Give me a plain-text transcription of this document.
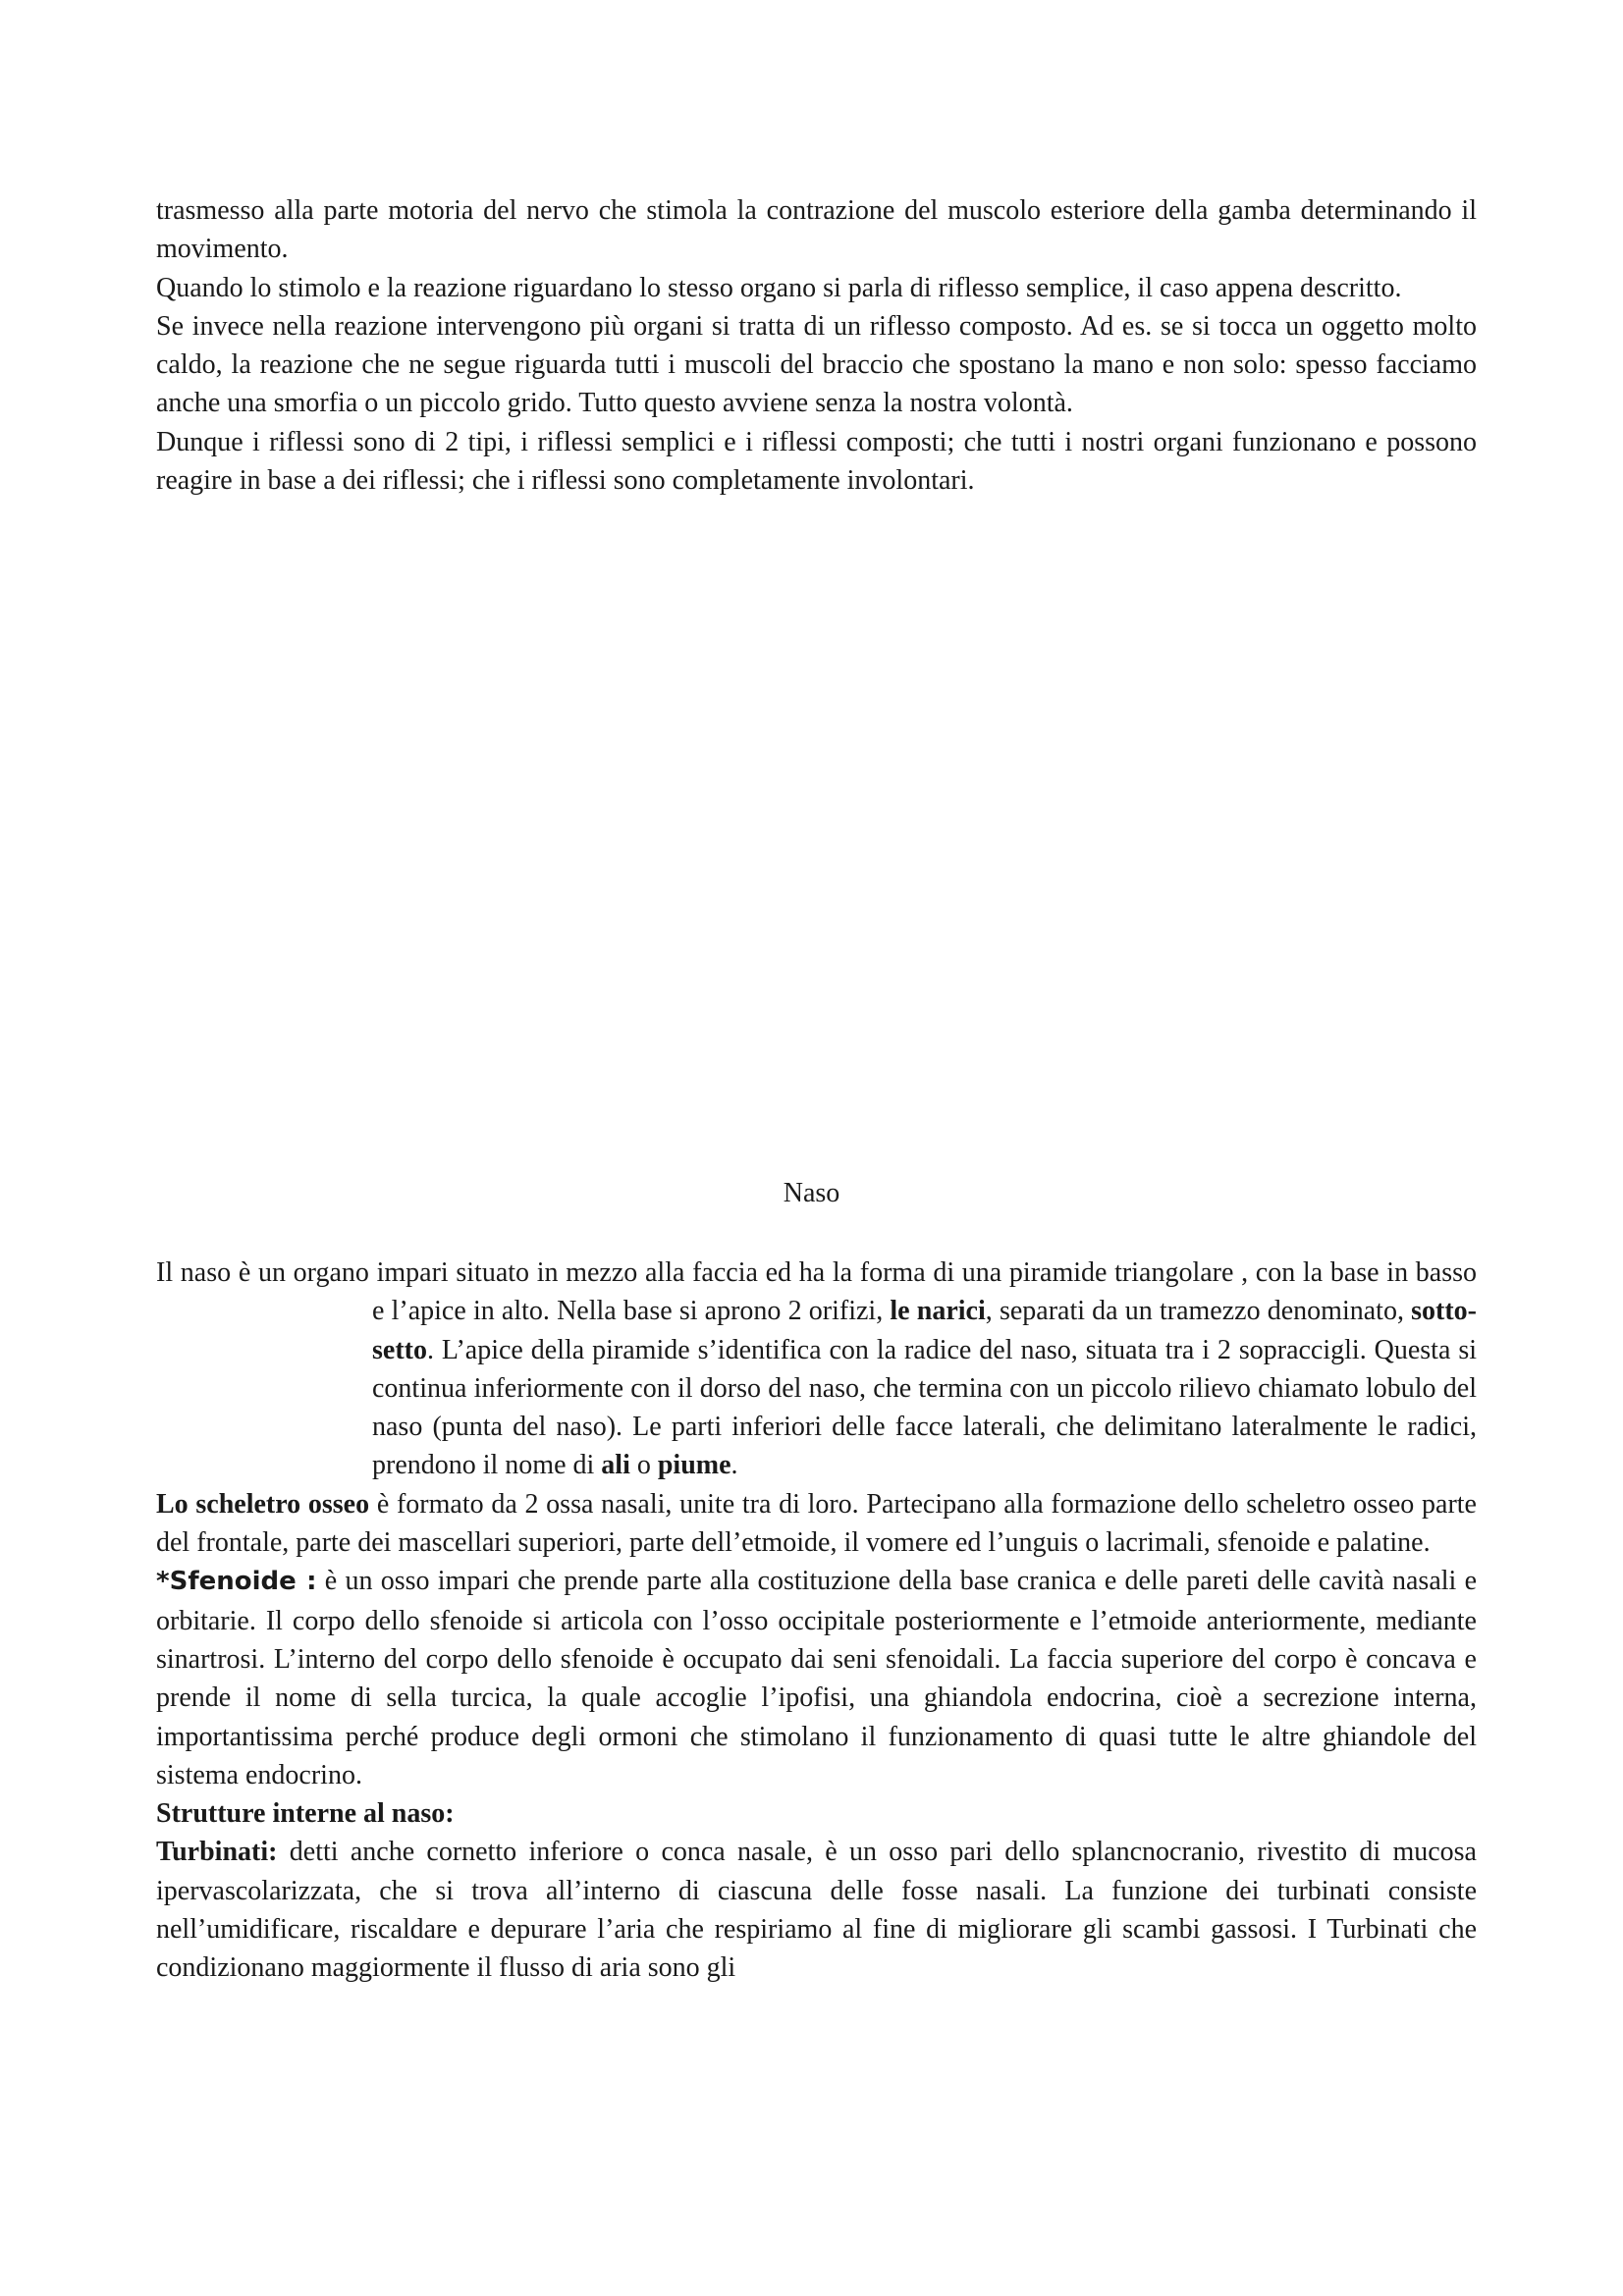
trasmesso alla parte motoria del nervo che stimola la contrazione del muscolo esteriore della gamba determinando il movimento.

Quando lo stimolo e la reazione riguardano lo stesso organo si parla di riflesso semplice, il caso appena descritto.

Se invece nella reazione intervengono più organi si tratta di un riflesso composto. Ad es. se si tocca un oggetto molto caldo, la reazione che ne segue riguarda tutti i muscoli del braccio che spostano la mano e non solo: spesso facciamo anche una smorfia o un piccolo grido. Tutto questo avviene senza la nostra volontà.

Dunque i riflessi sono di 2 tipi, i riflessi semplici e i riflessi composti; che tutti i nostri organi funzionano e possono reagire in base a dei riflessi; che i riflessi sono completamente involontari.

Naso

Il naso è un organo impari situato in mezzo alla faccia ed ha la forma di una piramide triangolare , con la base in basso e l’apice in alto. Nella base si aprono 2 orifizi, le narici, separati da un tramezzo denominato, sotto-setto. L’apice della piramide s’identifica con la radice del naso, situata tra i 2 sopraccigli. Questa si continua inferiormente con il dorso del naso, che termina con un piccolo rilievo chiamato lobulo del naso (punta del naso). Le parti inferiori delle facce laterali, che delimitano lateralmente le radici, prendono il nome di ali o piume.

Lo scheletro osseo è formato da 2 ossa nasali, unite tra di loro. Partecipano alla formazione dello scheletro osseo parte del frontale, parte dei mascellari superiori, parte dell’etmoide, il vomere ed l’unguis o lacrimali, sfenoide e palatine.

*Sfenoide : è un osso impari che prende parte alla costituzione della base cranica e delle pareti delle cavità nasali e orbitarie. Il corpo dello sfenoide si articola con l’osso occipitale posteriormente e l’etmoide anteriormente, mediante sinartrosi. L’interno del corpo dello sfenoide è occupato dai seni sfenoidali. La faccia superiore del corpo è concava e prende il nome di sella turcica, la quale accoglie l’ipofisi, una ghiandola endocrina, cioè a secrezione interna, importantissima perché produce degli ormoni che stimolano il funzionamento di quasi tutte le altre ghiandole del sistema endocrino.

Strutture interne al naso:

Turbinati: detti anche cornetto inferiore o conca nasale, è un osso pari dello splancnocranio, rivestito di mucosa ipervascolarizzata, che si trova all’interno di ciascuna delle fosse nasali. La funzione dei turbinati consiste nell’umidificare, riscaldare e depurare l’aria che respiriamo al fine di migliorare gli scambi gassosi. I Turbinati che condizionano maggiormente il flusso di aria sono gli
